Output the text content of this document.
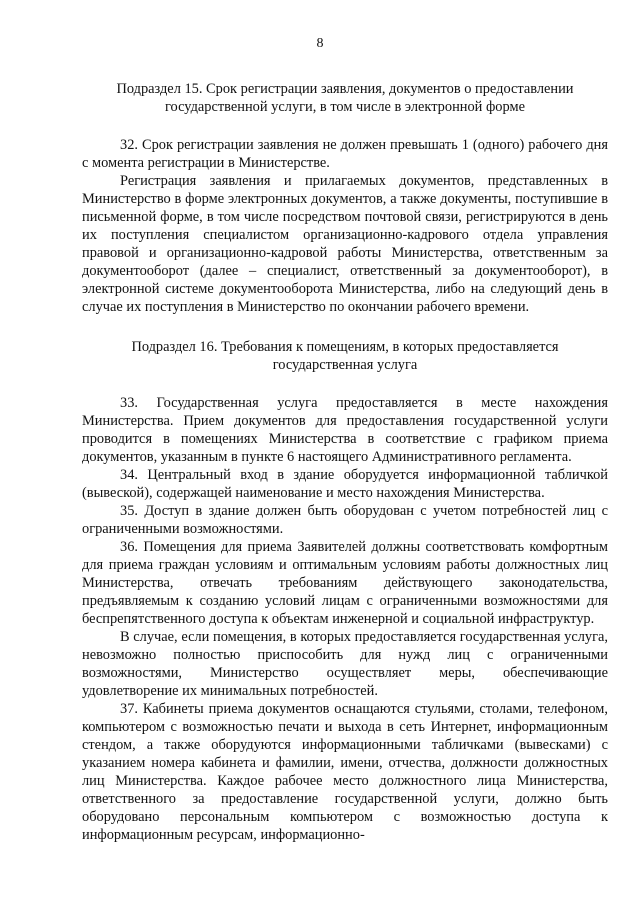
8
Подраздел 15. Срок регистрации заявления, документов о предоставлении
государственной услуги, в том числе в электронной форме

32. Срок регистрации заявления не должен превышать 1 (одного) рабочего дня с момента регистрации в Министерстве.

Регистрация заявления и прилагаемых документов, представленных в Министерство в форме электронных документов, а также документы, поступившие в письменной форме, в том числе посредством почтовой связи, регистрируются в день их поступления специалистом организационно-кадрового отдела управления правовой и организационно-кадровой работы Министерства, ответственным за документооборот (далее – специалист, ответственный за документооборот), в электронной системе документооборота Министерства, либо на следующий день в случае их поступления в Министерство по окончании рабочего времени.

Подраздел 16. Требования к помещениям, в которых предоставляется
государственная услуга

33. Государственная услуга предоставляется в месте нахождения Министерства. Прием документов для предоставления государственной услуги проводится в помещениях Министерства в соответствие с графиком приема документов, указанным в пункте 6 настоящего Административного регламента.

34. Центральный вход в здание оборудуется информационной табличкой (вывеской), содержащей наименование и место нахождения Министерства.

35. Доступ в здание должен быть оборудован с учетом потребностей лиц с ограниченными возможностями.

36. Помещения для приема Заявителей должны соответствовать комфортным для приема граждан условиям и оптимальным условиям работы должностных лиц Министерства, отвечать требованиям действующего законодательства, предъявляемым к созданию условий лицам с ограниченными возможностями для беспрепятственного доступа к объектам инженерной и социальной инфраструктур.

В случае, если помещения, в которых предоставляется государственная услуга, невозможно полностью приспособить для нужд лиц с ограниченными возможностями, Министерство осуществляет меры, обеспечивающие удовлетворение их минимальных потребностей.

37. Кабинеты приема документов оснащаются стульями, столами, телефоном, компьютером с возможностью печати и выхода в сеть Интернет, информационным стендом, а также оборудуются информационными табличками (вывесками) с указанием номера кабинета и фамилии, имени, отчества, должности должностных лиц Министерства. Каждое рабочее место должностного лица Министерства, ответственного за предоставление государственной услуги, должно быть оборудовано персональным компьютером с возможностью доступа к информационным ресурсам, информационно-
